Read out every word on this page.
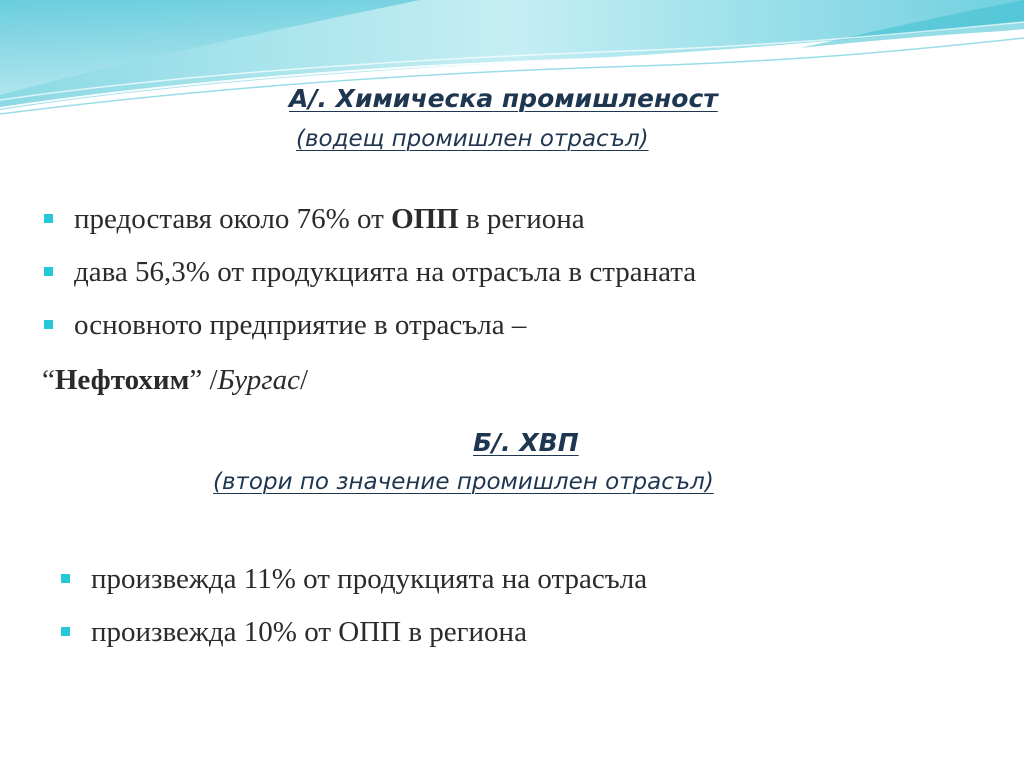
А/. Химическа промишленост
(водещ промишлен отрасъл)
предоставя около 76% от ОПП в региона
дава 56,3% от продукцията на отрасъла в страната
основното предприятие в отрасъла –
“Нефтохим” /Бургас/
Б/. ХВП
(втори по значение промишлен отрасъл)
произвежда 11% от продукцията на отрасъла
произвежда 10% от ОПП в региона
